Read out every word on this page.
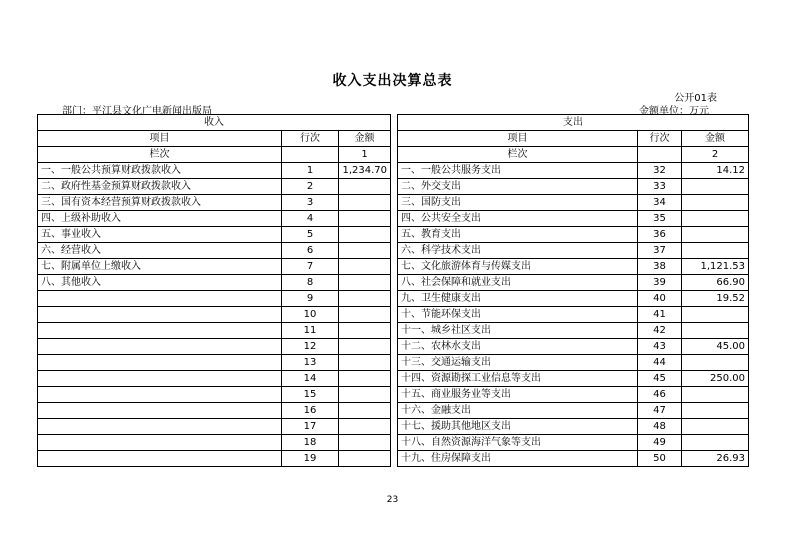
收入支出决算总表
公开01表
部门：平江县文化广电新闻出版局	金额单位：万元
收入				支出		
项目	行次	金额		项目	行次	金额
栏次		1		栏次		2
一、一般公共预算财政拨款收入	1	1,234.70		一、一般公共服务支出	32	14.12
二、政府性基金预算财政拨款收入	2			二、外交支出	33	
三、国有资本经营预算财政拨款收入	3			三、国防支出	34	
四、上级补助收入	4			四、公共安全支出	35	
五、事业收入	5			五、教育支出	36	
六、经营收入	6			六、科学技术支出	37	
七、附属单位上缴收入	7			七、文化旅游体育与传媒支出	38	1,121.53
八、其他收入	8			八、社会保障和就业支出	39	66.90
	9			九、卫生健康支出	40	19.52
	10			十、节能环保支出	41	
	11			十一、城乡社区支出	42	
	12			十二、农林水支出	43	45.00
	13			十三、交通运输支出	44	
	14			十四、资源勘探工业信息等支出	45	250.00
	15			十五、商业服务业等支出	46	
	16			十六、金融支出	47	
	17			十七、援助其他地区支出	48	
	18			十八、自然资源海洋气象等支出	49	
	19			十九、住房保障支出	50	26.93
23
